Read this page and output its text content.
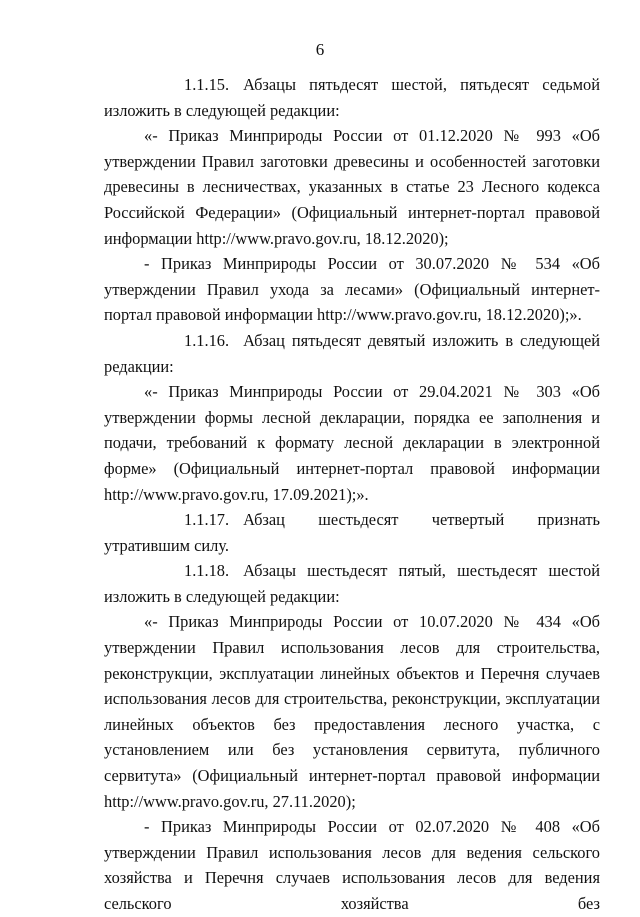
6

1.1.15. Абзацы пятьдесят шестой, пятьдесят седьмой изложить в следующей редакции:

«- Приказ Минприроды России от 01.12.2020 № 993 «Об утверждении Правил заготовки древесины и особенностей заготовки древесины в лесничествах, указанных в статье 23 Лесного кодекса Российской Федерации» (Официальный интернет-портал правовой информации http://www.pravo.gov.ru, 18.12.2020);

- Приказ Минприроды России от 30.07.2020 № 534 «Об утверждении Правил ухода за лесами» (Официальный интернет-портал правовой информации http://www.pravo.gov.ru, 18.12.2020);».

1.1.16. Абзац пятьдесят девятый изложить в следующей редакции:

«- Приказ Минприроды России от 29.04.2021 № 303 «Об утверждении формы лесной декларации, порядка ее заполнения и подачи, требований к формату лесной декларации в электронной форме» (Официальный интернет-портал правовой информации http://www.pravo.gov.ru, 17.09.2021);».

1.1.17. Абзац шестьдесят четвертый признать утратившим силу.

1.1.18. Абзацы шестьдесят пятый, шестьдесят шестой изложить в следующей редакции:

«- Приказ Минприроды России от 10.07.2020 № 434 «Об утверждении Правил использования лесов для строительства, реконструкции, эксплуатации линейных объектов и Перечня случаев использования лесов для строительства, реконструкции, эксплуатации линейных объектов без предоставления лесного участка, с установлением или без установления сервитута, публичного сервитута» (Официальный интернет-портал правовой информации http://www.pravo.gov.ru, 27.11.2020);

- Приказ Минприроды России от 02.07.2020 № 408 «Об утверждении Правил использования лесов для ведения сельского хозяйства и Перечня случаев использования лесов для ведения сельского хозяйства без
